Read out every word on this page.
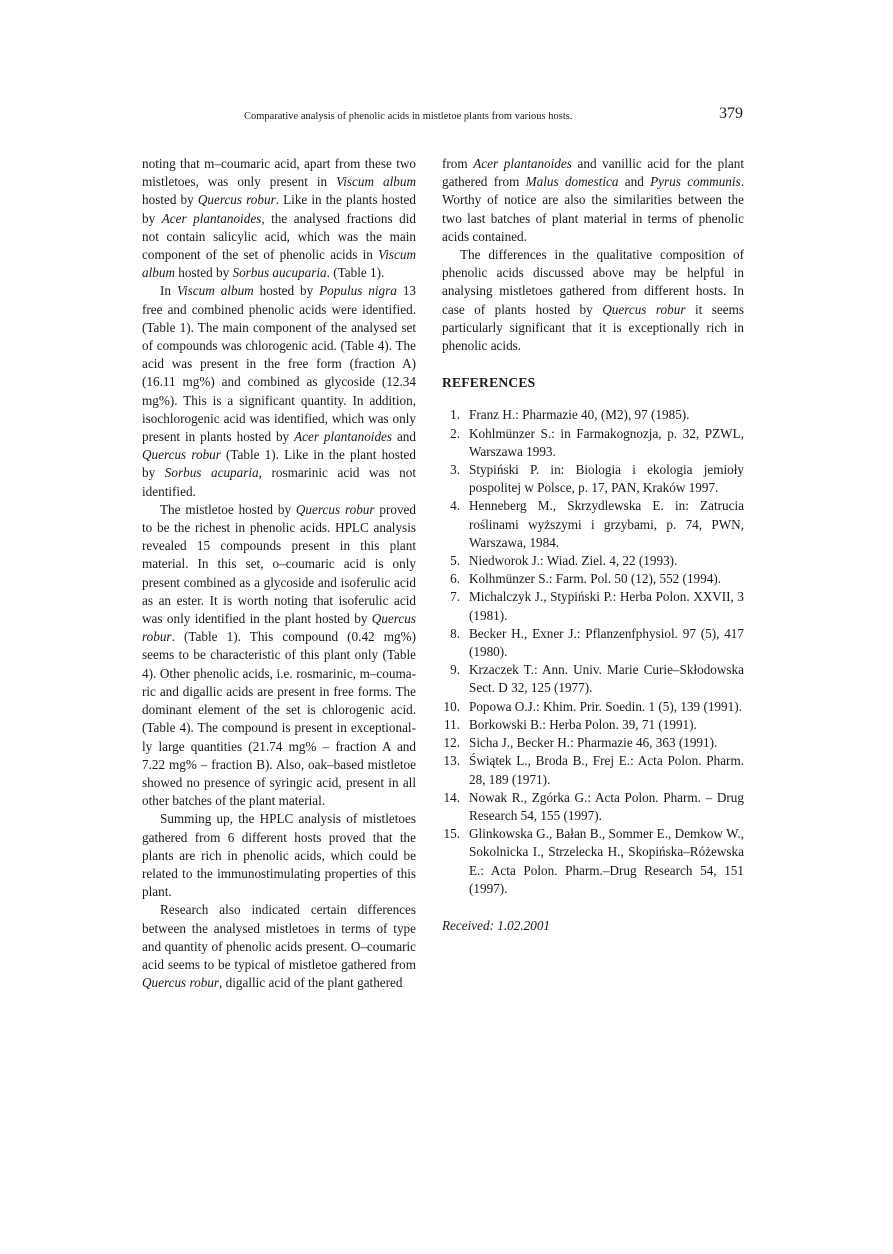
Comparative analysis of phenolic acids in mistletoe plants from various hosts.	379

noting that m–coumaric acid, apart from these two mistletoes, was only present in Viscum album hosted by Quercus robur. Like in the plants hosted by Acer plantanoides, the analysed fractions did not contain salicylic acid, which was the main component of the set of phenolic acids in Viscum album hosted by Sorbus aucuparia. (Table 1).

In Viscum album hosted by Populus nigra 13 free and combined phenolic acids were identified. (Table 1). The main component of the analysed set of compounds was chlorogenic acid. (Table 4). The acid was present in the free form (fraction A) (16.11 mg%) and combined as glycoside (12.34 mg%). This is a significant quantity. In addition, isochlorogenic acid was identified, which was only present in plants hosted by Acer plantanoides and Quercus robur (Table 1). Like in the plant hosted by Sorbus acuparia, rosmarinic acid was not identified.

The mistletoe hosted by Quercus robur proved to be the richest in phenolic acids. HPLC analysis revealed 15 compounds present in this plant material. In this set, o–coumaric acid is only present combined as a glycoside and isoferulic acid as an ester. It is worth noting that isoferulic acid was only identified in the plant hosted by Quercus robur. (Table 1). This compound (0.42 mg%) seems to be characteristic of this plant only (Table 4). Other phenolic acids, i.e. rosmarinic, m–coumaric and digallic acids are present in free forms. The dominant element of the set is chlorogenic acid. (Table 4). The compound is present in exceptionally large quantities (21.74 mg% – fraction A and 7.22 mg% – fraction B). Also, oak–based mistletoe showed no presence of syringic acid, present in all other batches of the plant material.

Summing up, the HPLC analysis of mistletoes gathered from 6 different hosts proved that the plants are rich in phenolic acids, which could be related to the immunostimulating properties of this plant.

Research also indicated certain differences between the analysed mistletoes in terms of type and quantity of phenolic acids present. O–coumaric acid seems to be typical of mistletoe gathered from Quercus robur, digallic acid of the plant gathered

from Acer plantanoides and vanillic acid for the plant gathered from Malus domestica and Pyrus communis. Worthy of notice are also the similarities between the two last batches of plant material in terms of phenolic acids contained.

The differences in the qualitative composition of phenolic acids discussed above may be helpful in analysing mistletoes gathered from different hosts. In case of plants hosted by Quercus robur it seems particularly significant that it is exceptionally rich in phenolic acids.

REFERENCES
1. Franz H.: Pharmazie 40, (M2), 97 (1985).
2. Kohlmünzer S.: in Farmakognozja, p. 32, PZWL, Warszawa 1993.
3. Stypiński P. in: Biologia i ekologia jemioły pospolitej w Polsce, p. 17, PAN, Kraków 1997.
4. Henneberg M., Skrzydlewska E. in: Zatrucia roślinami wyższymi i grzybami, p. 74, PWN, Warszawa, 1984.
5. Niedworok J.: Wiad. Ziel. 4, 22 (1993).
6. Kolhmünzer S.: Farm. Pol. 50 (12), 552 (1994).
7. Michalczyk J., Stypiński P.: Herba Polon. XXVII, 3 (1981).
8. Becker H., Exner J.: Pflanzenfphysiol. 97 (5), 417 (1980).
9. Krzaczek T.: Ann. Univ. Marie Curie–Skłodowska Sect. D 32, 125 (1977).
10. Popowa O.J.: Khim. Prir. Soedin. 1 (5), 139 (1991).
11. Borkowski B.: Herba Polon. 39, 71 (1991).
12. Sicha J., Becker H.: Pharmazie 46, 363 (1991).
13. Świątek L., Broda B., Frej E.: Acta Polon. Pharm. 28, 189 (1971).
14. Nowak R., Zgórka G.: Acta Polon. Pharm. – Drug Research 54, 155 (1997).
15. Glinkowska G., Bałan B., Sommer E., Demkow W., Sokolnicka I., Strzelecka H., Skopińska–Różewska E.: Acta Polon. Pharm.–Drug Research 54, 151 (1997).
Received: 1.02.2001
